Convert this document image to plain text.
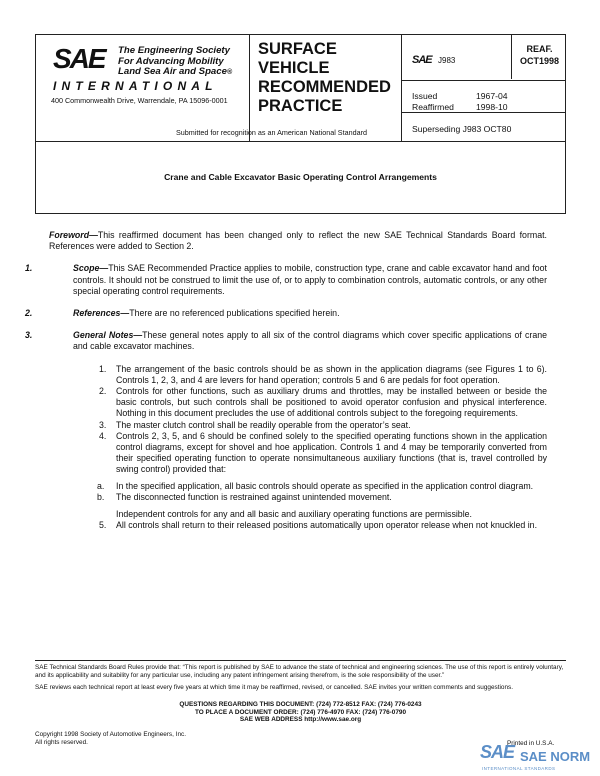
SAE The Engineering Society
For Advancing Mobility
Land Sea Air and Space®
INTERNATIONAL
400 Commonwealth Drive, Warrendale, PA 15096-0001
Submitted for recognition as an American National Standard
SURFACE
VEHICLE
RECOMMENDED
PRACTICE
SAE J983
REAF.
OCT1998
Issued	1967-04
Reaffirmed	1998-10
Superseding J983 OCT80
Crane and Cable Excavator Basic Operating Control Arrangements

Foreword—This reaffirmed document has been changed only to reflect the new SAE Technical Standards Board format. References were added to Section 2.

1.	Scope—This SAE Recommended Practice applies to mobile, construction type, crane and cable excavator hand and foot controls. It should not be construed to limit the use of, or to apply to combination controls, automatic controls, or any other special operating control requirements.

2.	References—There are no referenced publications specified herein.

3.	General Notes—These general notes apply to all six of the control diagrams which cover specific applications of crane and cable excavator machines.

1. The arrangement of the basic controls should be as shown in the application diagrams (see Figures 1 to 6). Controls 1, 2, 3, and 4 are levers for hand operation; controls 5 and 6 are pedals for foot operation.

2. Controls for other functions, such as auxiliary drums and throttles, may be installed between or beside the basic controls, but such controls shall be positioned to avoid operator confusion and physical interference. Nothing in this document precludes the use of additional controls subject to the foregoing requirements.

3. The master clutch control shall be readily operable from the operator’s seat.

4. Controls 2, 3, 5, and 6 should be confined solely to the specified operating functions shown in the application control diagrams, except for shovel and hoe application. Controls 1 and 4 may be temporarily converted from their specified operating function to operate nonsimultaneous auxiliary functions (that is, travel controlled by swing control) provided that:

a. In the specified application, all basic controls should operate as specified in the application control diagram.

b. The disconnected function is restrained against unintended movement.

Independent controls for any and all basic and auxiliary operating functions are permissible.

5. All controls shall return to their released positions automatically upon operator release when not knuckled in.

SAE Technical Standards Board Rules provide that: “This report is published by SAE to advance the state of technical and engineering sciences. The use of this report is entirely voluntary, and its applicability and suitability for any particular use, including any patent infringement arising therefrom, is the sole responsibility of the user.”

SAE reviews each technical report at least every five years at which time it may be reaffirmed, revised, or cancelled. SAE invites your written comments and suggestions.

QUESTIONS REGARDING THIS DOCUMENT: (724) 772-8512 FAX: (724) 776-0243
TO PLACE A DOCUMENT ORDER: (724) 776-4970 FAX: (724) 776-0790
SAE WEB ADDRESS http://www.sae.org
Copyright 1998 Society of Automotive Engineers, Inc.
All rights reserved.	Printed in U.S.A.
SAE SAE NORM
INTERNATIONAL STANDARDS
